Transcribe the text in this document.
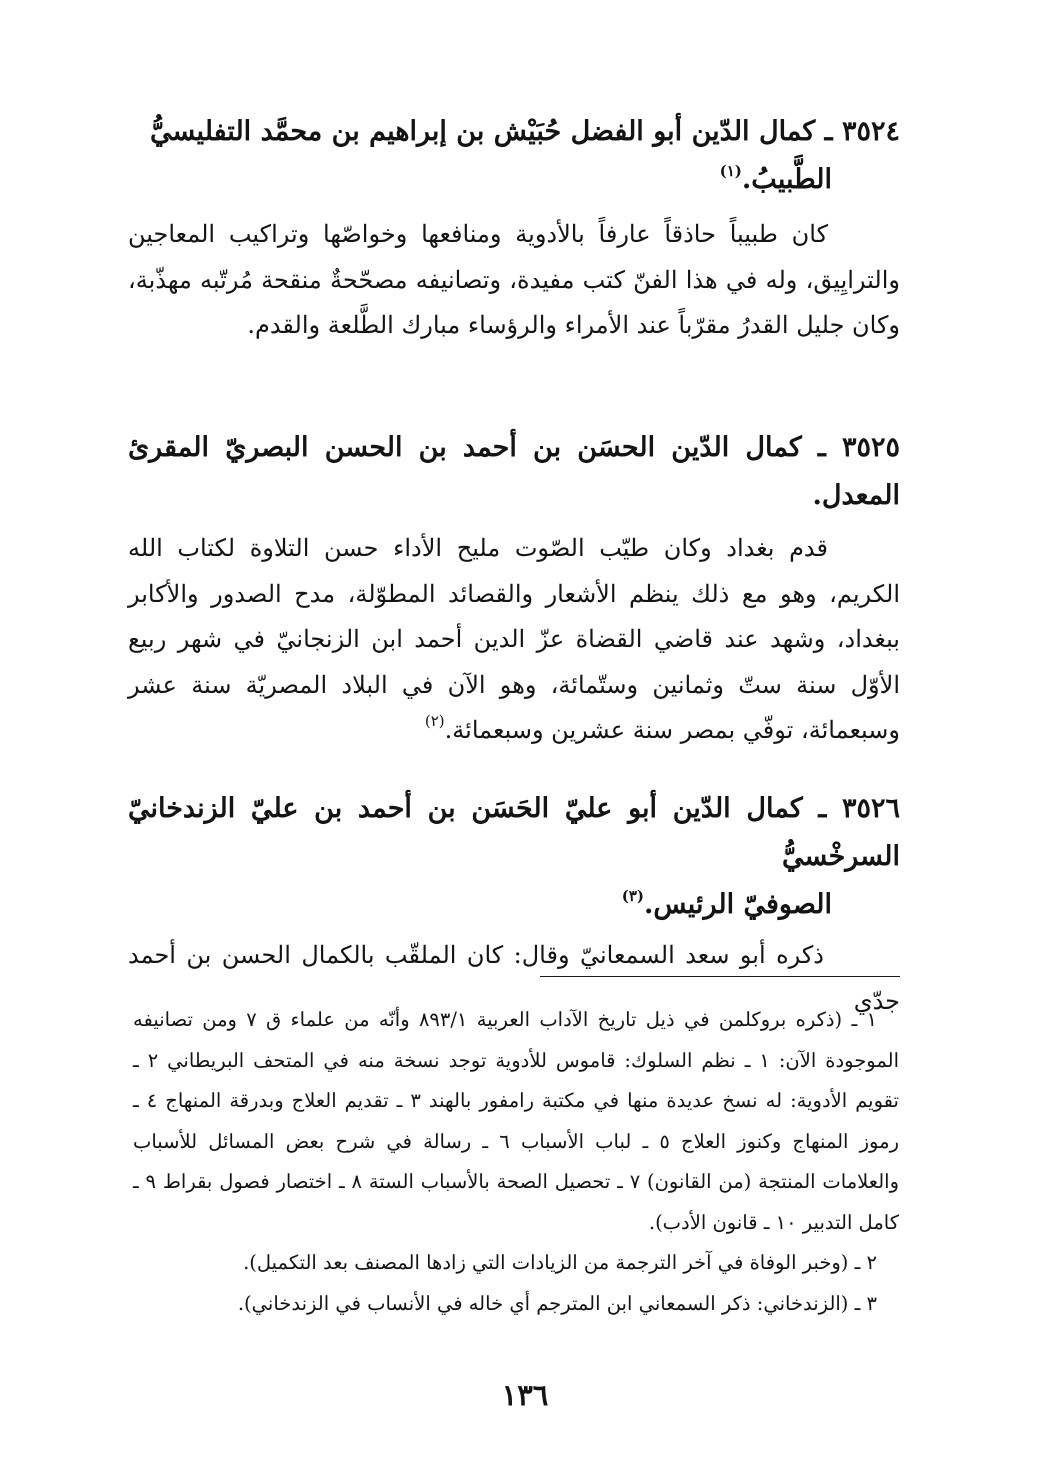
٣٥٢٤ ـ كمال الدّين أبو الفضل حُبَيْش بن إبراهيم بن محمَّد التفليسيُّ
الطَّبيبُ.$^{(١)}$

كان طبيباً حاذقاً عارفاً بالأدوية ومنافعها وخواصّها وتراكيب المعاجين والترايِيق، وله في هذا الفنّ كتب مفيدة، وتصانيفه مصحّحةٌ منقحة مُرتّبه مهذّبة، وكان جليل القدرُ مقرّباً عند الأمراء والرؤساء مبارك الطَّلعة والقدم.

٣٥٢٥ ـ كمال الدّين الحسَن بن أحمد بن الحسن البصريّ المقرئ المعدل.

قدم بغداد وكان طيّب الصّوت مليح الأداء حسن التلاوة لكتاب الله الكريم، وهو مع ذلك ينظم الأشعار والقصائد المطوّلة، مدح الصدور والأكابر ببغداد، وشهد عند قاضي القضاة عزّ الدين أحمد ابن الزنجانيّ في شهر ربيع الأوّل سنة ستّ وثمانين وستّمائة، وهو الآن في البلاد المصريّة سنة عشر وسبعمائة، توفّي بمصر سنة عشرين وسبعمائة.$^{(٢)}$

٣٥٢٦ ـ كمال الدّين أبو عليّ الحَسَن بن أحمد بن عليّ الزندخانيّ السرخْسيُّ
الصوفيّ الرئيس.$^{(٣)}$

ذكره أبو سعد السمعانيّ وقال: كان الملقّب بالكمال الحسن بن أحمد جدّي

١ ـ (ذكره بروكلمن في ذيل تاريخ الآداب العربية ٨٩٣/١ وأنّه من علماء ق ٧ ومن تصانيفه الموجودة الآن: ١ ـ نظم السلوك: قاموس للأدوية توجد نسخة منه في المتحف البريطاني ٢ ـ تقويم الأدوية: له نسخ عديدة منها في مكتبة رامفور بالهند ٣ ـ تقديم العلاج وبدرقة المنهاج ٤ ـ رموز المنهاج وكنوز العلاج ٥ ـ لباب الأسباب ٦ ـ رسالة في شرح بعض المسائل للأسباب والعلامات المنتجة (من القانون) ٧ ـ تحصيل الصحة بالأسباب الستة ٨ ـ اختصار فصول بقراط ٩ ـ كامل التدبير ١٠ ـ قانون الأدب).

٢ ـ (وخبر الوفاة في آخر الترجمة من الزيادات التي زادها المصنف بعد التكميل).

٣ ـ (الزندخاني: ذكر السمعاني ابن المترجم أي خاله في الأنساب في الزندخاني).

١٣٦
